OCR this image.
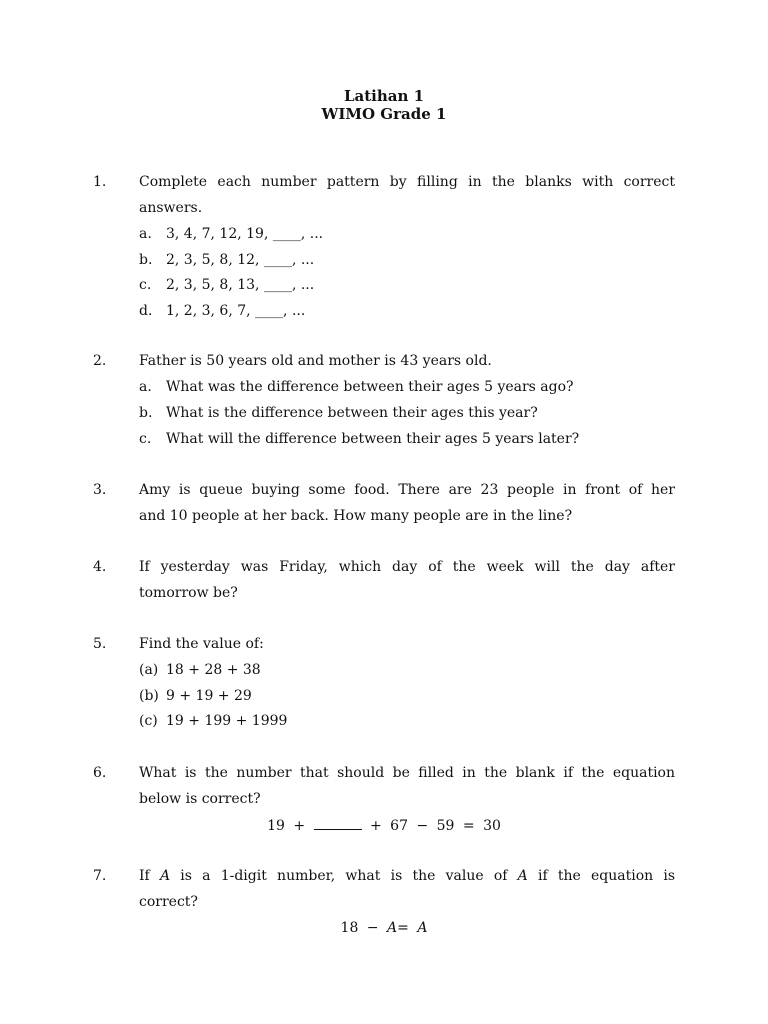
Latihan 1
WIMO Grade 1
1. Complete each number pattern by filling in the blanks with correct
answers.
a. 3, 4, 7, 12, 19, ____, ...
b. 2, 3, 5, 8, 12, ____, ...
c. 2, 3, 5, 8, 13, ____, ...
d. 1, 2, 3, 6, 7, ____, ...
2. Father is 50 years old and mother is 43 years old.
a. What was the difference between their ages 5 years ago?
b. What is the difference between their ages this year?
c. What will the difference between their ages 5 years later?
3. Amy is queue buying some food. There are 23 people in front of her
and 10 people at her back. How many people are in the line?
4. If yesterday was Friday, which day of the week will the day after
tomorrow be?
5. Find the value of:
(a) 18 + 28 + 38
(b) 9 + 19 + 29
(c) 19 + 199 + 1999
6. What is the number that should be filled in the blank if the equation
below is correct?
19 +	+ 67 − 59 = 30
7. If A is a 1-digit number, what is the value of A if the equation is
correct?
18 − A= A
